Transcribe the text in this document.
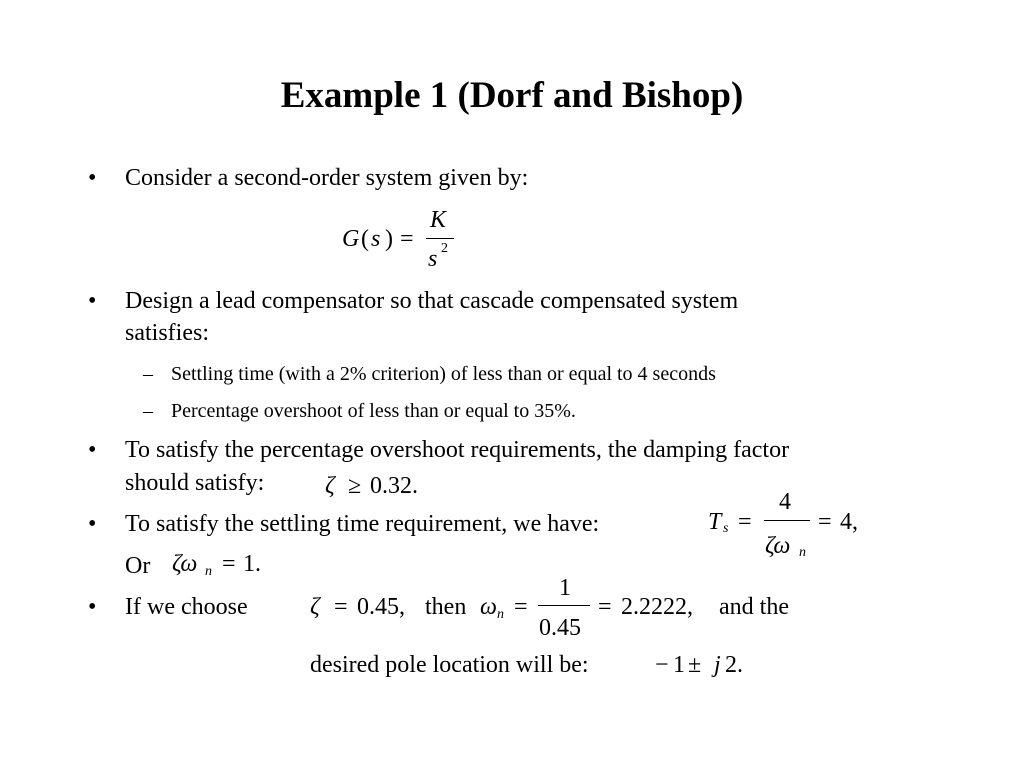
Example 1 (Dorf and Bishop)
• Consider a second-order system given by:
G ( s ) =
K
s 2
• Design a lead compensator so that cascade compensated system
satisfies:
– Settling time (with a 2% criterion) of less than or equal to 4 seconds
– Percentage overshoot of less than or equal to 35%.
• To satisfy the percentage overshoot requirements, the damping factor
should satisfy:	ζ ≥ 0.32.
• To satisfy the settling time requirement, we have:	T s =
4
ζω n
= 4,
Or ζω n = 1.
• If we choose	ζ = 0.45, then ω n =
1
0.45
= 2.2222, and the
desired pole location will be:	− 1 ± j 2.
